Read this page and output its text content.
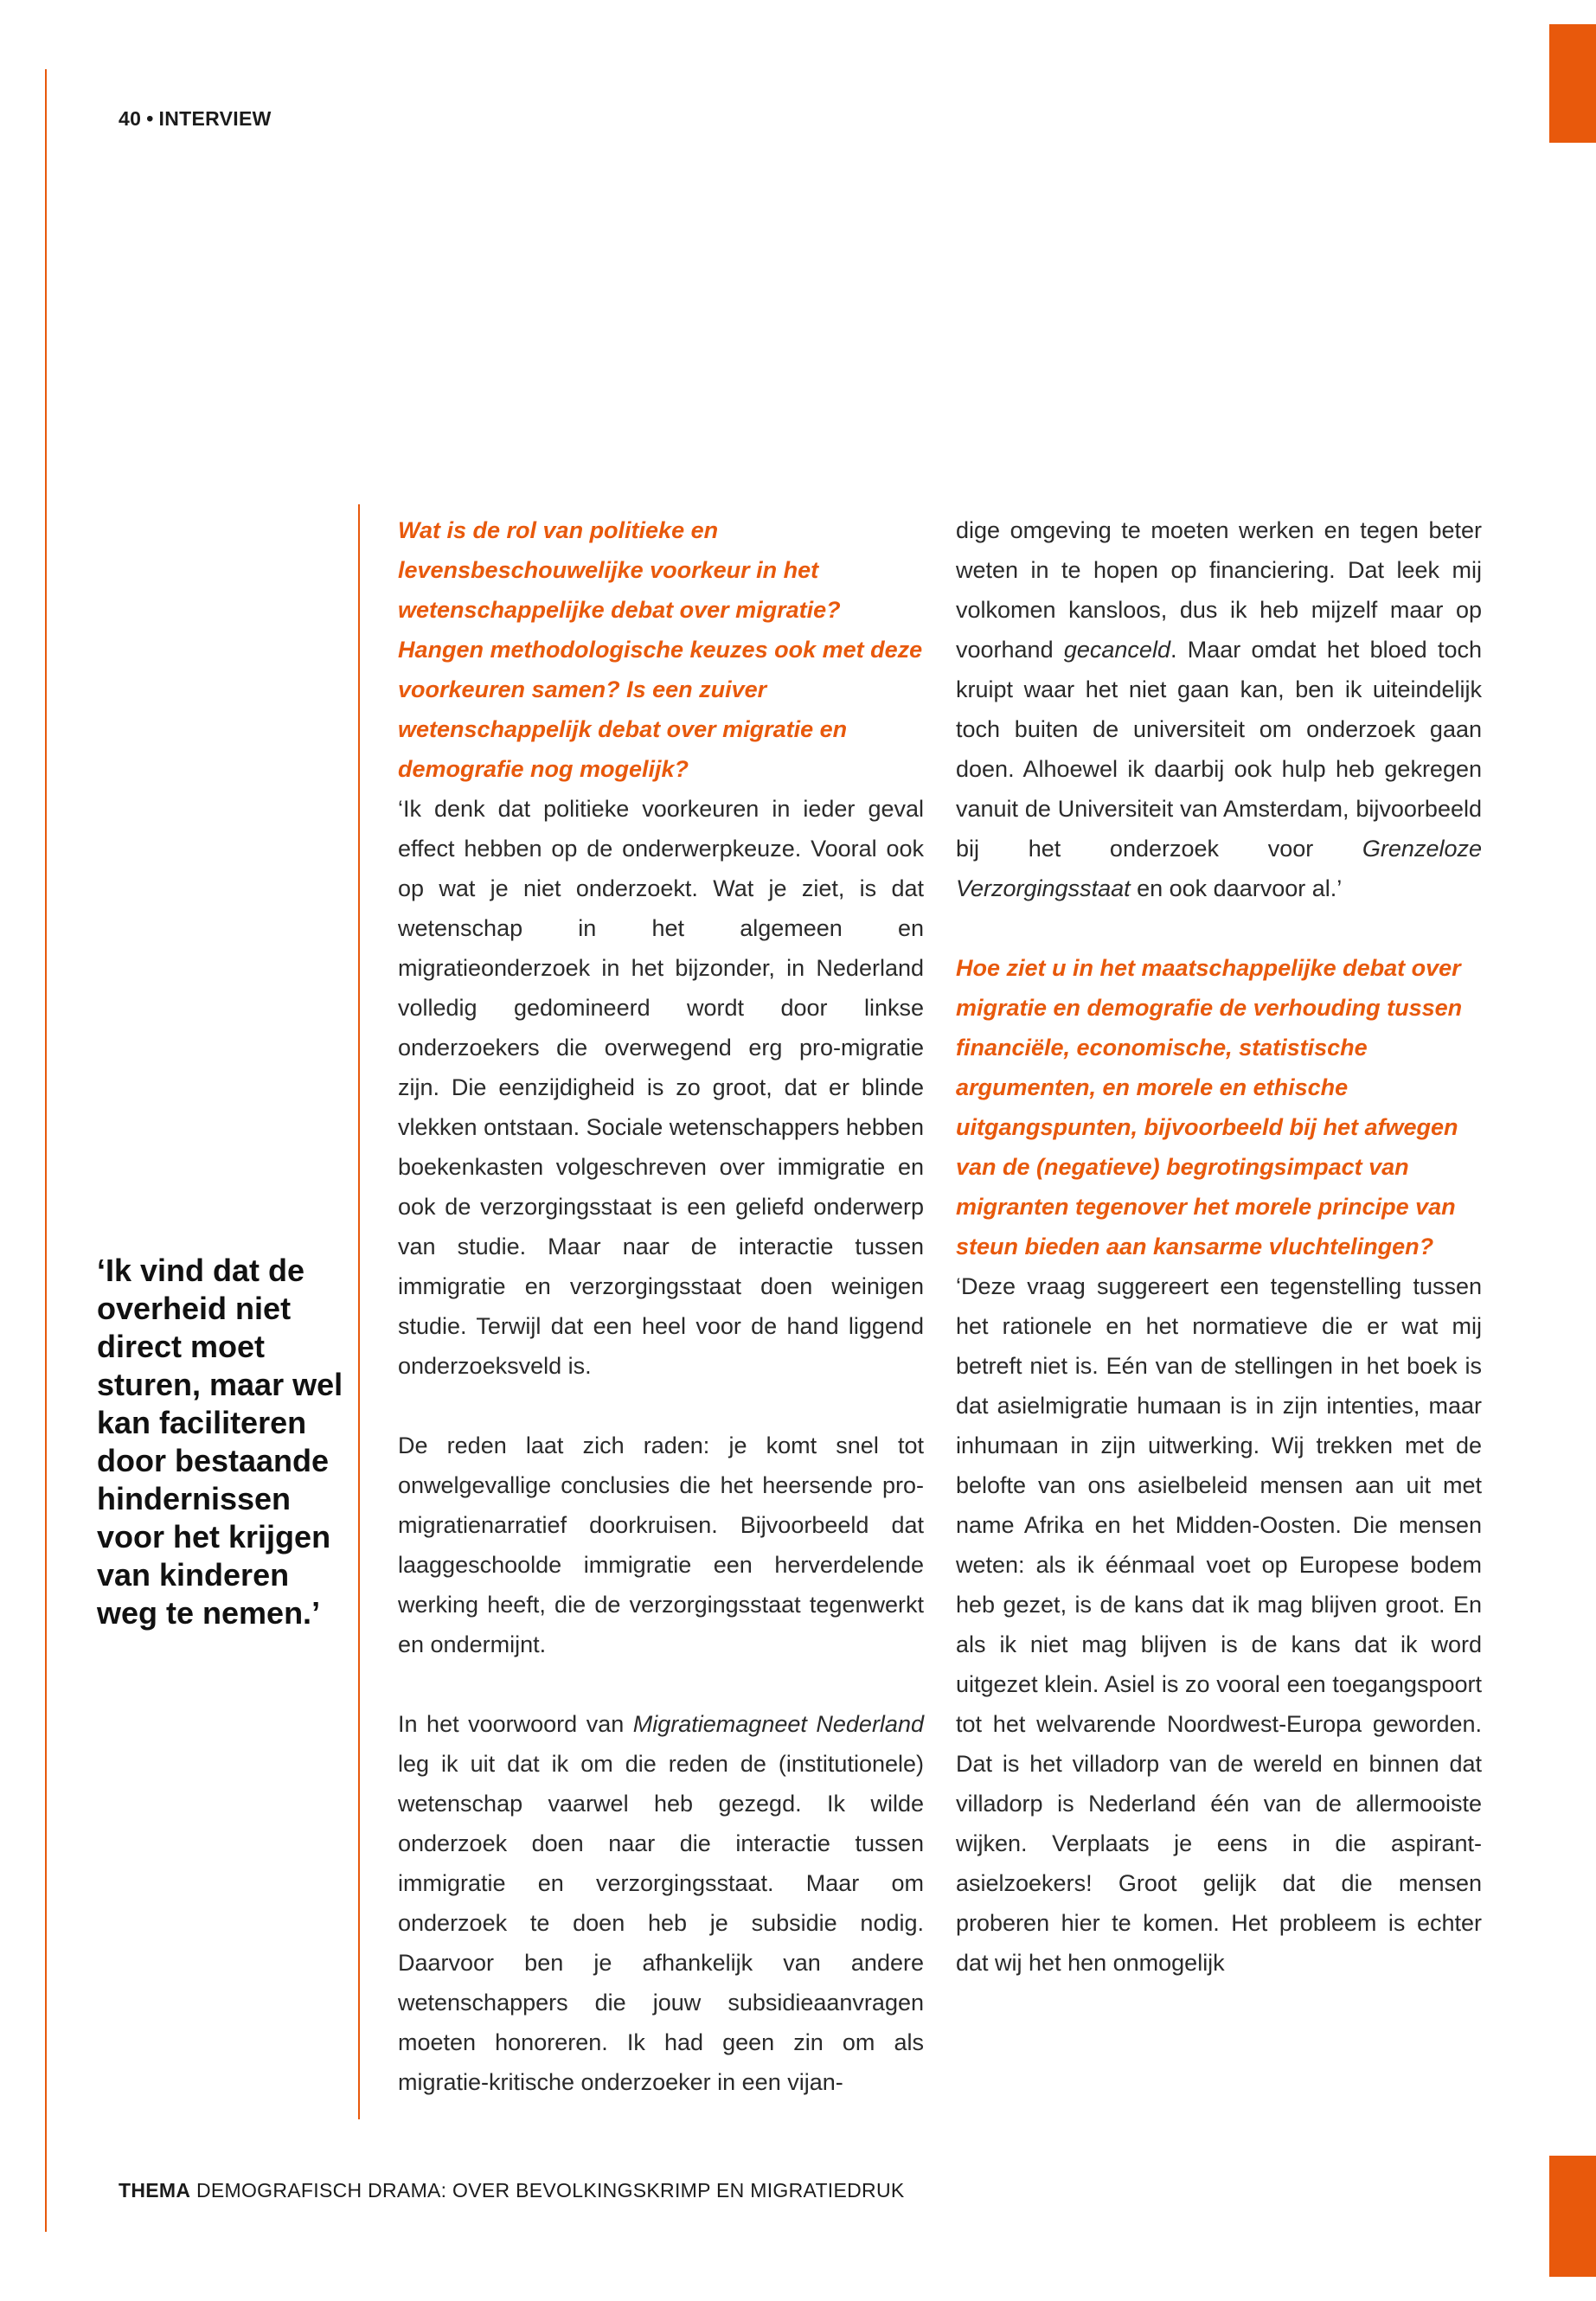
40 • INTERVIEW

‘Ik vind dat de overheid niet direct moet sturen, maar wel kan faciliteren door bestaande hindernissen voor het krijgen van kinderen weg te nemen.’

Wat is de rol van politieke en levensbeschouwelijke voorkeur in het wetenschappelijke debat over migratie? Hangen methodologische keuzes ook met deze voorkeuren samen? Is een zuiver wetenschappelijk debat over migratie en demografie nog mogelijk?

‘Ik denk dat politieke voorkeuren in ieder geval effect hebben op de onderwerpkeuze. Vooral ook op wat je niet onderzoekt. Wat je ziet, is dat wetenschap in het algemeen en migratieonderzoek in het bijzonder, in Nederland volledig gedomineerd wordt door linkse onderzoekers die overwegend erg pro-migratie zijn. Die eenzijdigheid is zo groot, dat er blinde vlekken ontstaan. Sociale wetenschappers hebben boekenkasten volgeschreven over immigratie en ook de verzorgingsstaat is een geliefd onderwerp van studie. Maar naar de interactie tussen immigratie en verzorgingsstaat doen weinigen studie. Terwijl dat een heel voor de hand liggend onderzoeksveld is.

De reden laat zich raden: je komt snel tot onwelgevallige conclusies die het heersende pro-migratienarratief doorkruisen. Bijvoorbeeld dat laaggeschoolde immigratie een herverdelende werking heeft, die de verzorgingsstaat tegenwerkt en ondermijnt.

In het voorwoord van Migratiemagneet Nederland leg ik uit dat ik om die reden de (institutionele) wetenschap vaarwel heb gezegd. Ik wilde onderzoek doen naar die interactie tussen immigratie en verzorgingsstaat. Maar om onderzoek te doen heb je subsidie nodig. Daarvoor ben je afhankelijk van andere wetenschappers die jouw subsidieaanvragen moeten honoreren. Ik had geen zin om als migratie-kritische onderzoeker in een vijan-

dige omgeving te moeten werken en tegen beter weten in te hopen op financiering. Dat leek mij volkomen kansloos, dus ik heb mijzelf maar op voorhand gecanceld. Maar omdat het bloed toch kruipt waar het niet gaan kan, ben ik uiteindelijk toch buiten de universiteit om onderzoek gaan doen. Alhoewel ik daarbij ook hulp heb gekregen vanuit de Universiteit van Amsterdam, bijvoorbeeld bij het onderzoek voor Grenzeloze Verzorgingsstaat en ook daarvoor al.’

Hoe ziet u in het maatschappelijke debat over migratie en demografie de verhouding tussen financiële, economische, statistische argumenten, en morele en ethische uitgangspunten, bijvoorbeeld bij het afwegen van de (negatieve) begrotingsimpact van migranten tegenover het morele principe van steun bieden aan kansarme vluchtelingen?

‘Deze vraag suggereert een tegenstelling tussen het rationele en het normatieve die er wat mij betreft niet is. Eén van de stellingen in het boek is dat asielmigratie humaan is in zijn intenties, maar inhumaan in zijn uitwerking. Wij trekken met de belofte van ons asielbeleid mensen aan uit met name Afrika en het Midden-Oosten. Die mensen weten: als ik éénmaal voet op Europese bodem heb gezet, is de kans dat ik mag blijven groot. En als ik niet mag blijven is de kans dat ik word uitgezet klein. Asiel is zo vooral een toegangspoort tot het welvarende Noordwest-Europa geworden. Dat is het villadorp van de wereld en binnen dat villadorp is Nederland één van de allermooiste wijken. Verplaats je eens in die aspirant-asielzoekers! Groot gelijk dat die mensen proberen hier te komen. Het probleem is echter dat wij het hen onmogelijk

THEMA DEMOGRAFISCH DRAMA: OVER BEVOLKINGSKRIMP EN MIGRATIEDRUK
